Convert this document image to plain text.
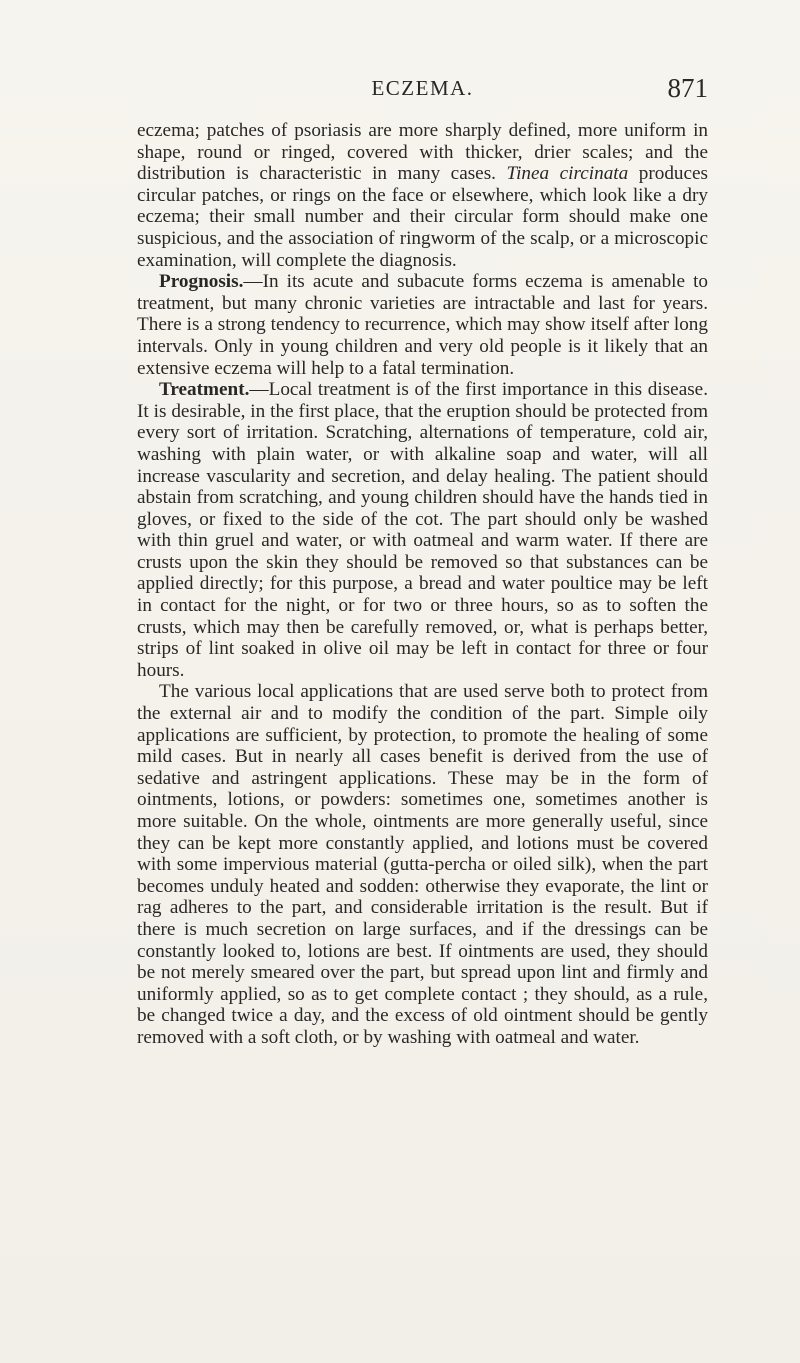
ECZEMA.	871

eczema; patches of psoriasis are more sharply defined, more uniform in shape, round or ringed, covered with thicker, drier scales; and the distribution is characteristic in many cases. Tinea circinata produces circular patches, or rings on the face or elsewhere, which look like a dry eczema; their small number and their circular form should make one suspicious, and the association of ringworm of the scalp, or a microscopic examination, will complete the diagnosis.

Prognosis.—In its acute and subacute forms eczema is amenable to treatment, but many chronic varieties are intractable and last for years. There is a strong tendency to recurrence, which may show itself after long intervals. Only in young children and very old people is it likely that an extensive eczema will help to a fatal termination.

Treatment.—Local treatment is of the first importance in this disease. It is desirable, in the first place, that the eruption should be protected from every sort of irritation. Scratching, alternations of temperature, cold air, washing with plain water, or with alkaline soap and water, will all increase vascularity and secretion, and delay healing. The patient should abstain from scratching, and young children should have the hands tied in gloves, or fixed to the side of the cot. The part should only be washed with thin gruel and water, or with oatmeal and warm water. If there are crusts upon the skin they should be removed so that substances can be applied directly; for this purpose, a bread and water poultice may be left in contact for the night, or for two or three hours, so as to soften the crusts, which may then be carefully removed, or, what is perhaps better, strips of lint soaked in olive oil may be left in contact for three or four hours.

The various local applications that are used serve both to protect from the external air and to modify the condition of the part. Simple oily applications are sufficient, by protection, to promote the healing of some mild cases. But in nearly all cases benefit is derived from the use of sedative and astringent applications. These may be in the form of ointments, lotions, or powders: sometimes one, sometimes another is more suitable. On the whole, ointments are more generally useful, since they can be kept more constantly applied, and lotions must be covered with some impervious material (gutta-percha or oiled silk), when the part becomes unduly heated and sodden: otherwise they evaporate, the lint or rag adheres to the part, and considerable irritation is the result. But if there is much secretion on large surfaces, and if the dressings can be constantly looked to, lotions are best. If ointments are used, they should be not merely smeared over the part, but spread upon lint and firmly and uniformly applied, so as to get complete contact ; they should, as a rule, be changed twice a day, and the excess of old ointment should be gently removed with a soft cloth, or by washing with oatmeal and water.
